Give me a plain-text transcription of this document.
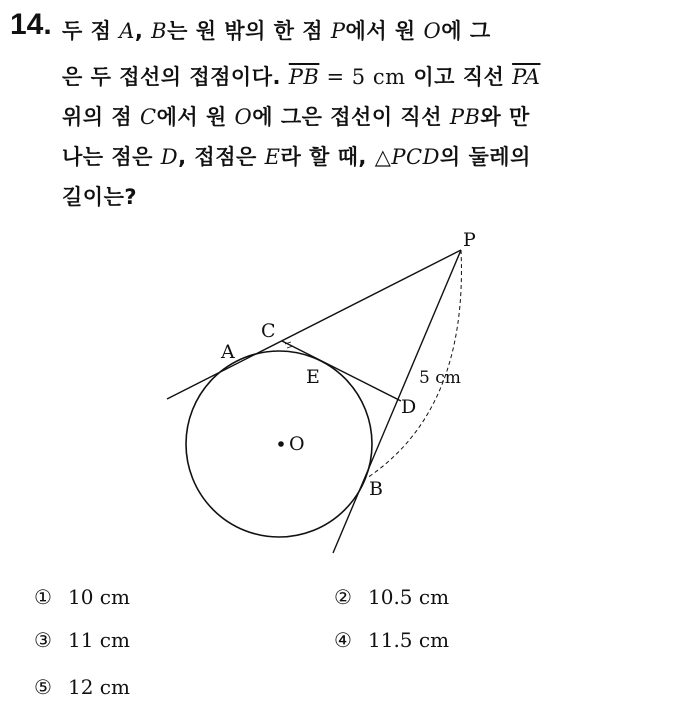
14. 두 점 A, B는 원 밖의 한 점 P에서 원 O에 그
은 두 접선의 접점이다. $\overline{PB} = 5$ cm 이고 직선 $\overline{PA}$
위의 점 C에서 원 O에 그은 접선이 직선 PB와 만
나는 점은 D, 접점은 E라 할 때, △PCD의 둘레의
길이는?
P
C
A
E
D
O
B
5 cm
① 10 cm	② 10.5 cm
③ 11 cm	④ 11.5 cm
⑤ 12 cm
